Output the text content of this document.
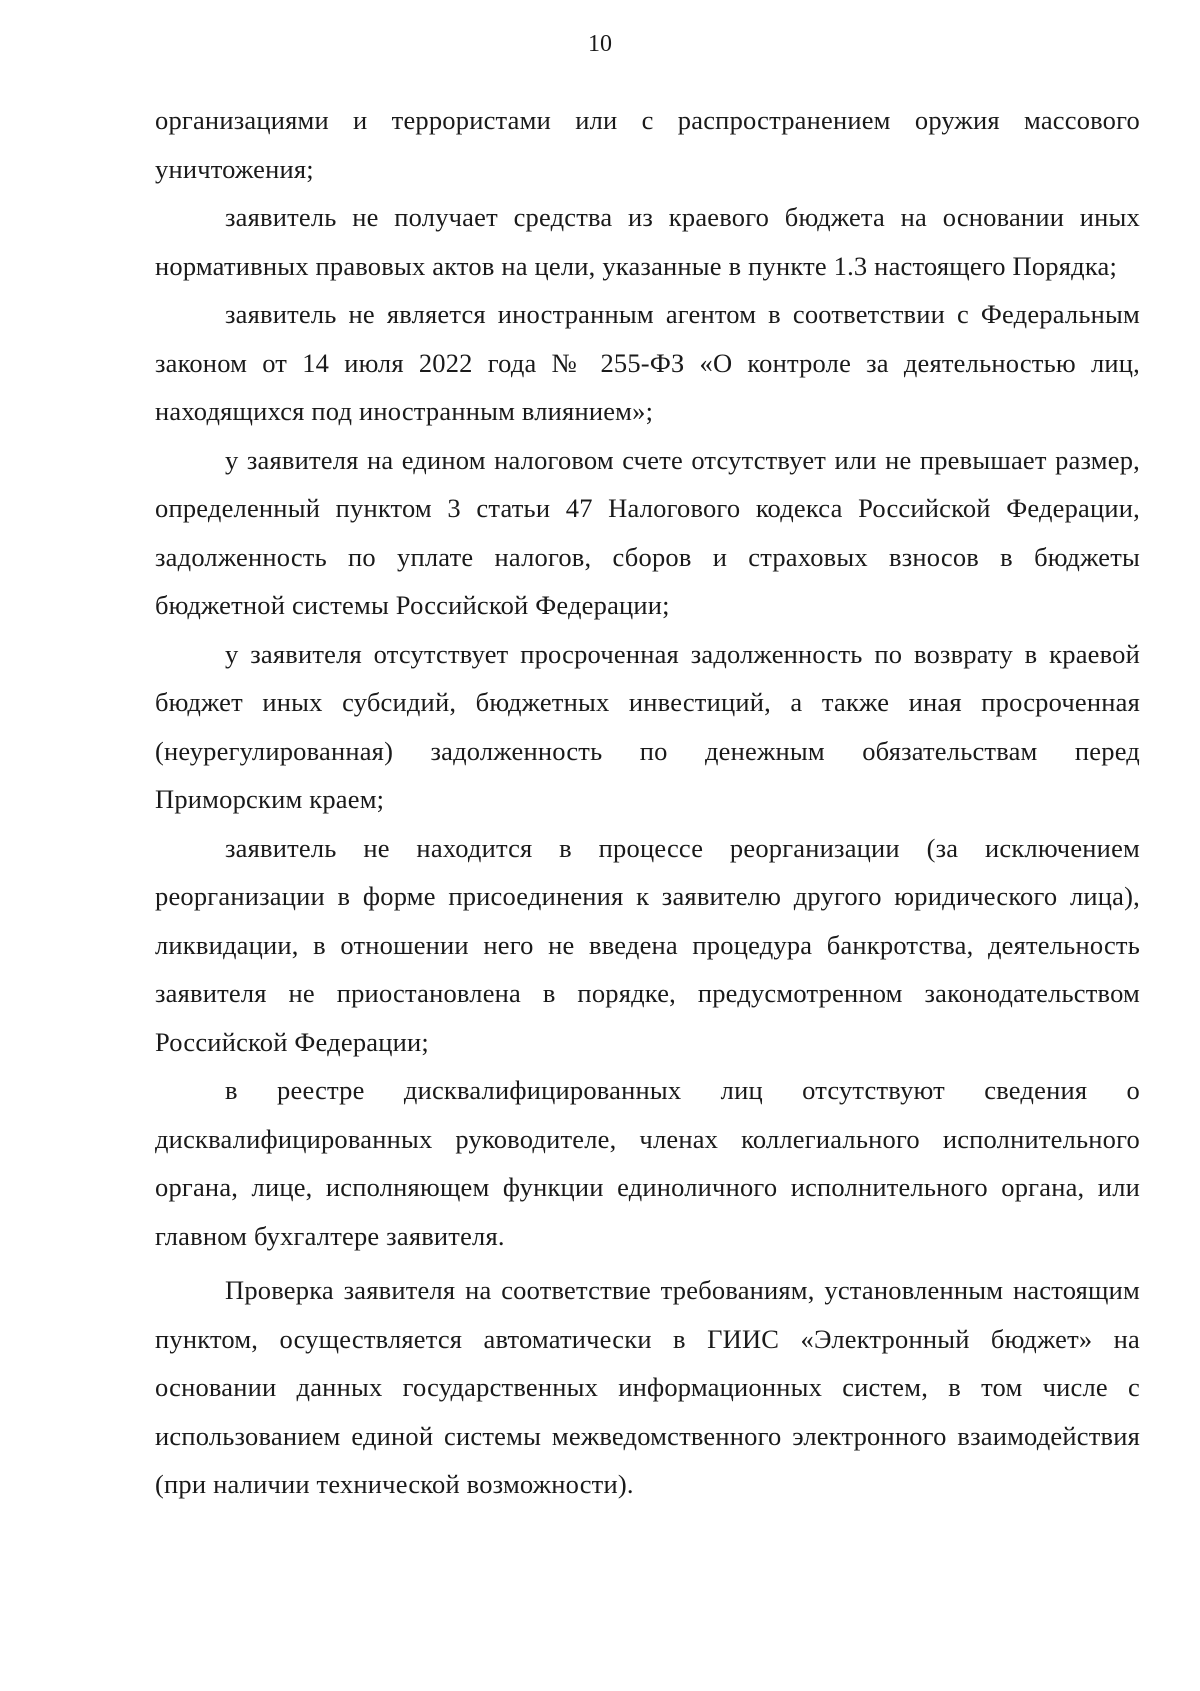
10

организациями и террористами или с распространением оружия массового уничтожения;

заявитель не получает средства из краевого бюджета на основании иных нормативных правовых актов на цели, указанные в пункте 1.3 настоящего Порядка;

заявитель не является иностранным агентом в соответствии с Федеральным законом от 14 июля 2022 года № 255-ФЗ «О контроле за деятельностью лиц, находящихся под иностранным влиянием»;

у заявителя на едином налоговом счете отсутствует или не превышает размер, определенный пунктом 3 статьи 47 Налогового кодекса Российской Федерации, задолженность по уплате налогов, сборов и страховых взносов в бюджеты бюджетной системы Российской Федерации;

у заявителя отсутствует просроченная задолженность по возврату в краевой бюджет иных субсидий, бюджетных инвестиций, а также иная просроченная (неурегулированная) задолженность по денежным обязательствам перед Приморским краем;

заявитель не находится в процессе реорганизации (за исключением реорганизации в форме присоединения к заявителю другого юридического лица), ликвидации, в отношении него не введена процедура банкротства, деятельность заявителя не приостановлена в порядке, предусмотренном законодательством Российской Федерации;

в реестре дисквалифицированных лиц отсутствуют сведения о дисквалифицированных руководителе, членах коллегиального исполнительного органа, лице, исполняющем функции единоличного исполнительного органа, или главном бухгалтере заявителя.

Проверка заявителя на соответствие требованиям, установленным настоящим пунктом, осуществляется автоматически в ГИИС «Электронный бюджет» на основании данных государственных информационных систем, в том числе с использованием единой системы межведомственного электронного взаимодействия (при наличии технической возможности).
